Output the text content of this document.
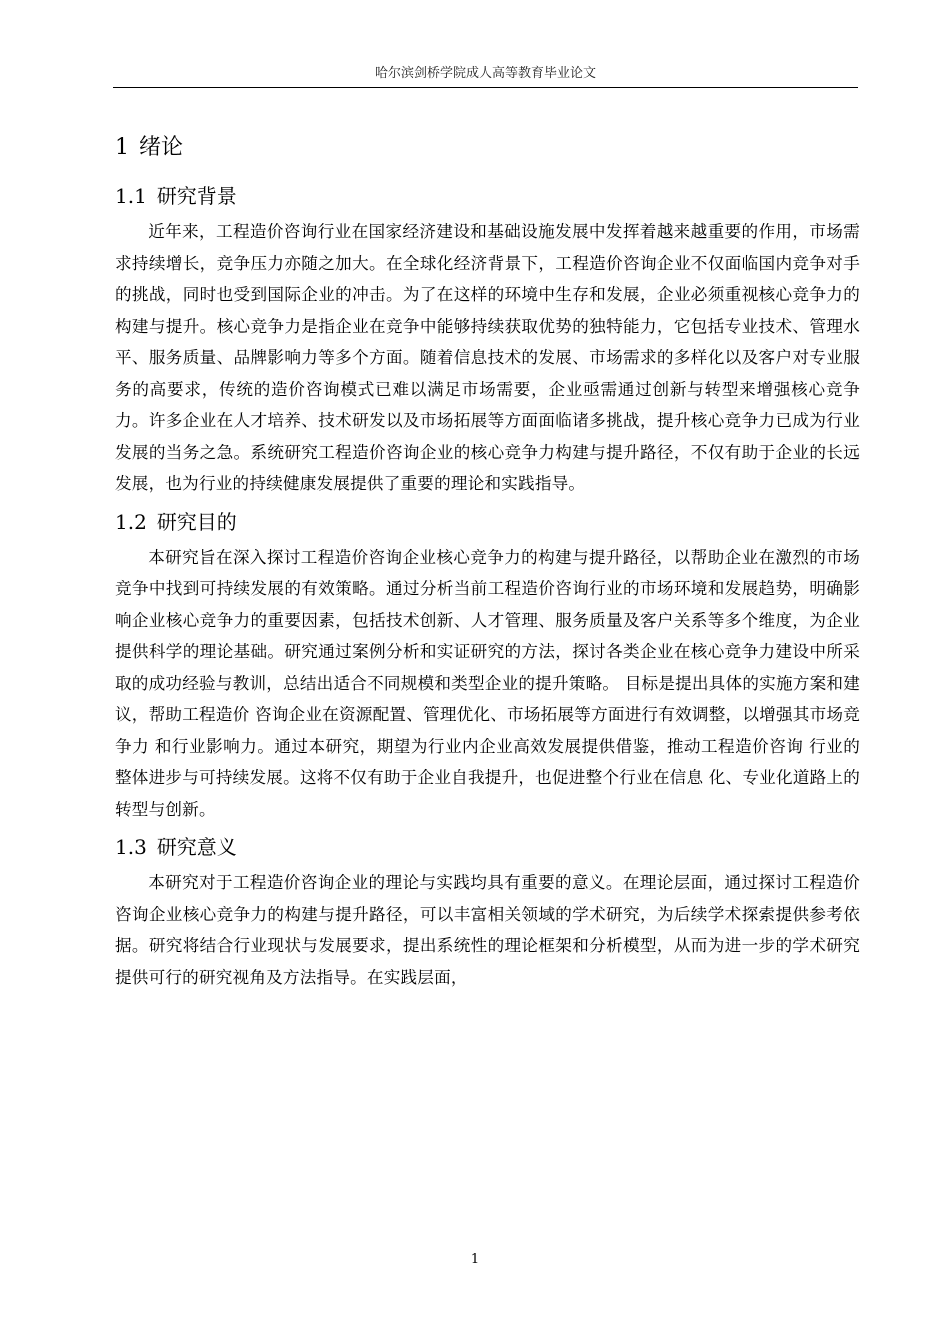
哈尔滨剑桥学院成人高等教育毕业论文
1 绪论
1.1 研究背景

近年来，工程造价咨询行业在国家经济建设和基础设施发展中发挥着越来越重要的作用，市场需求持续增长，竞争压力亦随之加大。在全球化经济背景下，工程造价咨询企业不仅面临国内竞争对手的挑战，同时也受到国际企业的冲击。为了在这样的环境中生存和发展，企业必须重视核心竞争力的构建与提升。核心竞争力是指企业在竞争中能够持续获取优势的独特能力，它包括专业技术、管理水平、服务质量、品牌影响力等多个方面。随着信息技术的发展、市场需求的多样化以及客户对专业服务的高要求，传统的造价咨询模式已难以满足市场需要，企业亟需通过创新与转型来增强核心竞争力。许多企业在人才培养、技术研发以及市场拓展等方面面临诸多挑战，提升核心竞争力已成为行业发展的当务之急。系统研究工程造价咨询企业的核心竞争力构建与提升路径，不仅有助于企业的长远发展，也为行业的持续健康发展提供了重要的理论和实践指导。

1.2 研究目的

本研究旨在深入探讨工程造价咨询企业核心竞争力的构建与提升路径，以帮助企业在激烈的市场竞争中找到可持续发展的有效策略。通过分析当前工程造价咨询行业的市场环境和发展趋势，明确影响企业核心竞争力的重要因素，包括技术创新、人才管理、服务质量及客户关系等多个维度，为企业提供科学的理论基础。研究通过案例分析和实证研究的方法，探讨各类企业在核心竞争力建设中所采取的成功经验与教训，总结出适合不同规模和类型企业的提升策略。 目标是提出具体的实施方案和建议，帮助工程造价 咨询企业在资源配置、管理优化、市场拓展等方面进行有效调整，以增强其市场竞争力 和行业影响力。通过本研究，期望为行业内企业高效发展提供借鉴，推动工程造价咨询 行业的整体进步与可持续发展。这将不仅有助于企业自我提升，也促进整个行业在信息 化、专业化道路上的转型与创新。

1.3 研究意义

本研究对于工程造价咨询企业的理论与实践均具有重要的意义。在理论层面，通过探讨工程造价咨询企业核心竞争力的构建与提升路径，可以丰富相关领域的学术研究，为后续学术探索提供参考依据。研究将结合行业现状与发展要求，提出系统性的理论框架和分析模型，从而为进一步的学术研究提供可行的研究视角及方法指导。在实践层面，

1
